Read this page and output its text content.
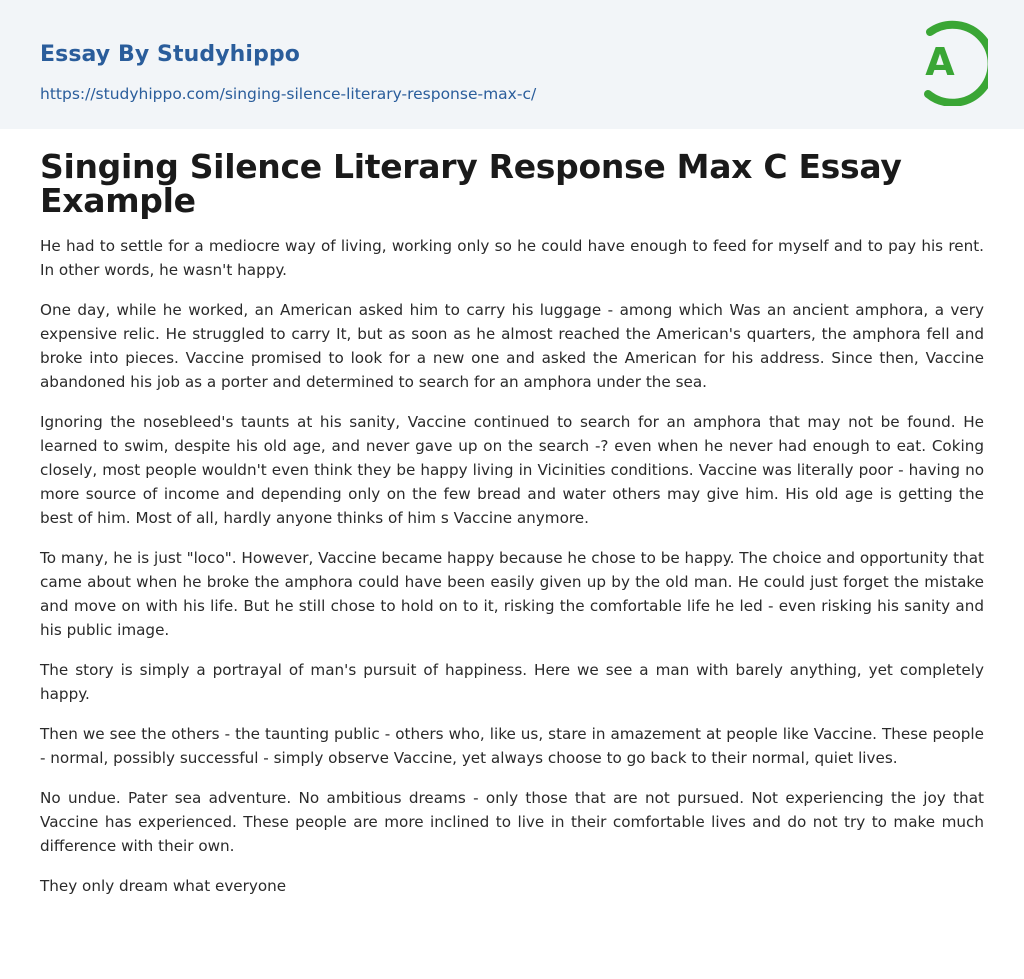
Essay By Studyhippo
https://studyhippo.com/singing-silence-literary-response-max-c/
A
Singing Silence Literary Response Max C Essay Example

He had to settle for a mediocre way of living, working only so he could have enough to feed for myself and to pay his rent. In other words, he wasn't happy.

One day, while he worked, an American asked him to carry his luggage - among which Was an ancient amphora, a very expensive relic. He struggled to carry It, but as soon as he almost reached the American's quarters, the amphora fell and broke into pieces. Vaccine promised to look for a new one and asked the American for his address. Since then, Vaccine abandoned his job as a porter and determined to search for an amphora under the sea.

Ignoring the nosebleed's taunts at his sanity, Vaccine continued to search for an amphora that may not be found. He learned to swim, despite his old age, and never gave up on the search -? even when he never had enough to eat. Coking closely, most people wouldn't even think they be happy living in Vicinities conditions. Vaccine was literally poor - having no more source of income and depending only on the few bread and water others may give him. His old age is getting the best of him. Most of all, hardly anyone thinks of him s Vaccine anymore.

To many, he is just "loco". However, Vaccine became happy because he chose to be happy. The choice and opportunity that came about when he broke the amphora could have been easily given up by the old man. He could just forget the mistake and move on with his life. But he still chose to hold on to it, risking the comfortable life he led - even risking his sanity and his public image.

The story is simply a portrayal of man's pursuit of happiness. Here we see a man with barely anything, yet completely happy.

Then we see the others - the taunting public - others who, like us, stare in amazement at people like Vaccine. These people - normal, possibly successful - simply observe Vaccine, yet always choose to go back to their normal, quiet lives.

No undue. Pater sea adventure. No ambitious dreams - only those that are not pursued. Not experiencing the joy that Vaccine has experienced. These people are more inclined to live in their comfortable lives and do not try to make much difference with their own.

They only dream what everyone
